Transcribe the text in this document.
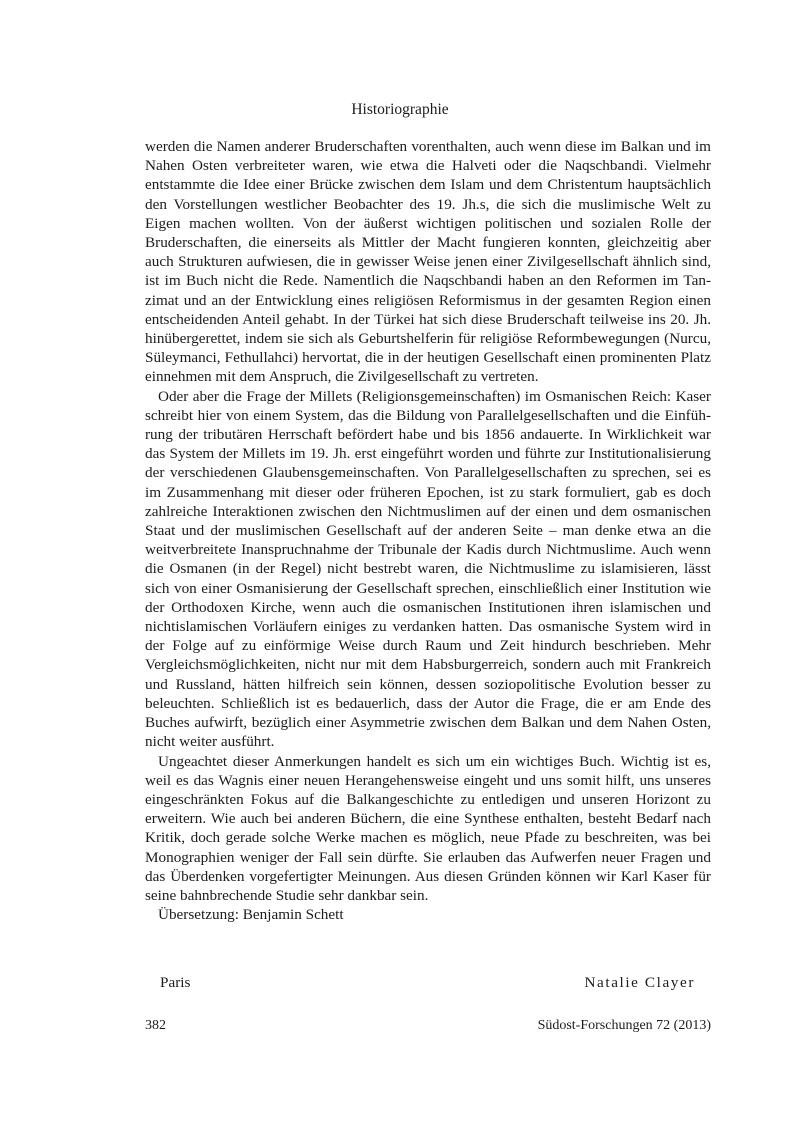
Historiographie

werden die Namen anderer Bruderschaften vorenthalten, auch wenn diese im Balkan und im Nahen Osten verbreiteter waren, wie etwa die Halveti oder die Naqschbandi. Vielmehr entstammte die Idee einer Brücke zwischen dem Islam und dem Christentum hauptsächlich den Vorstellungen westlicher Beobachter des 19. Jh.s, die sich die muslimische Welt zu Eigen machen wollten. Von der äußerst wichtigen politischen und sozialen Rolle der Bruderschaften, die einerseits als Mittler der Macht fungieren konnten, gleichzeitig aber auch Strukturen aufwiesen, die in gewisser Weise jenen einer Zivilgesellschaft ähnlich sind, ist im Buch nicht die Rede. Namentlich die Naqschbandi haben an den Reformen im Tanzimat und an der Entwicklung eines religiösen Reformismus in der gesamten Region einen entscheidenden Anteil gehabt. In der Türkei hat sich diese Bruderschaft teilweise ins 20. Jh. hinübergerettet, indem sie sich als Geburtshelferin für religiöse Reformbewegungen (Nurcu, Süleymanci, Fethullahci) hervortat, die in der heutigen Gesellschaft einen prominenten Platz einnehmen mit dem Anspruch, die Zivilgesellschaft zu vertreten.

Oder aber die Frage der Millets (Religionsgemeinschaften) im Osmanischen Reich: Kaser schreibt hier von einem System, das die Bildung von Parallelgesellschaften und die Einführung der tributären Herrschaft befördert habe und bis 1856 andauerte. In Wirklichkeit war das System der Millets im 19. Jh. erst eingeführt worden und führte zur Institutionalisierung der verschiedenen Glaubensgemeinschaften. Von Parallelgesellschaften zu sprechen, sei es im Zusammenhang mit dieser oder früheren Epochen, ist zu stark formuliert, gab es doch zahlreiche Interaktionen zwischen den Nichtmuslimen auf der einen und dem osmanischen Staat und der muslimischen Gesellschaft auf der anderen Seite – man denke etwa an die weitverbreitete Inanspruchnahme der Tribunale der Kadis durch Nichtmuslime. Auch wenn die Osmanen (in der Regel) nicht bestrebt waren, die Nichtmuslime zu islamisieren, lässt sich von einer Osmanisierung der Gesellschaft sprechen, einschließlich einer Institution wie der Orthodoxen Kirche, wenn auch die osmanischen Institutionen ihren islamischen und nichtislamischen Vorläufern einiges zu verdanken hatten. Das osmanische System wird in der Folge auf zu einförmige Weise durch Raum und Zeit hindurch beschrieben. Mehr Vergleichsmöglichkeiten, nicht nur mit dem Habsburgerreich, sondern auch mit Frankreich und Russland, hätten hilfreich sein können, dessen soziopolitische Evolution besser zu beleuchten. Schließlich ist es bedauerlich, dass der Autor die Frage, die er am Ende des Buches aufwirft, bezüglich einer Asymmetrie zwischen dem Balkan und dem Nahen Osten, nicht weiter ausführt.

Ungeachtet dieser Anmerkungen handelt es sich um ein wichtiges Buch. Wichtig ist es, weil es das Wagnis einer neuen Herangehensweise eingeht und uns somit hilft, uns unseres eingeschränkten Fokus auf die Balkangeschichte zu entledigen und unseren Horizont zu erweitern. Wie auch bei anderen Büchern, die eine Synthese enthalten, besteht Bedarf nach Kritik, doch gerade solche Werke machen es möglich, neue Pfade zu beschreiten, was bei Monographien weniger der Fall sein dürfte. Sie erlauben das Aufwerfen neuer Fragen und das Überdenken vorgefertigter Meinungen. Aus diesen Gründen können wir Karl Kaser für seine bahnbrechende Studie sehr dankbar sein.

Übersetzung: Benjamin Schett

Paris	Natalie Clayer
382	Südost-Forschungen 72 (2013)
